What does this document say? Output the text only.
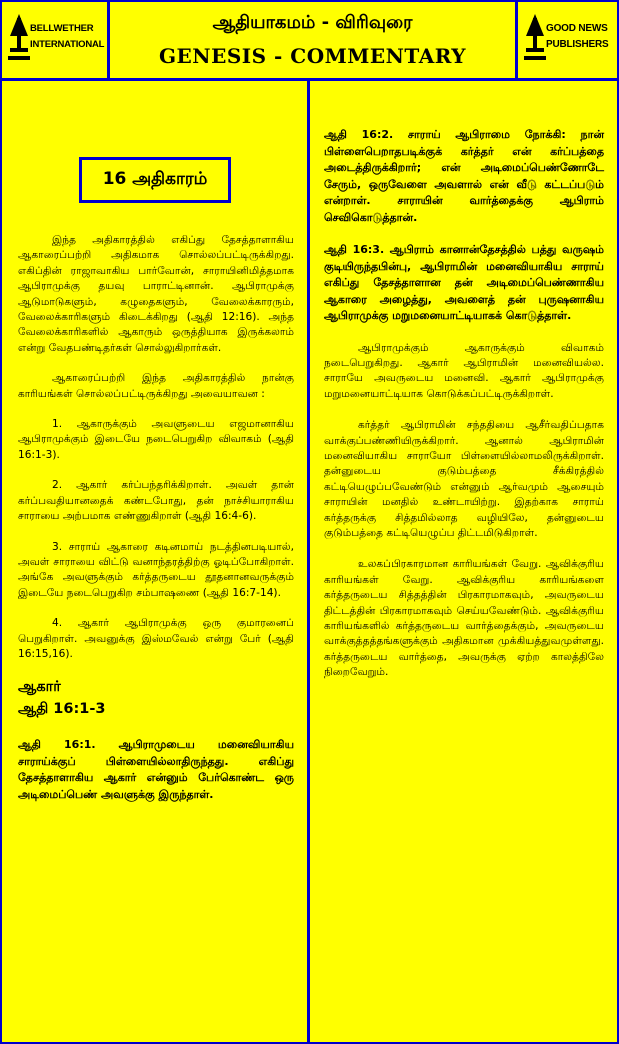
BELLWETHER
INTERNATIONAL
ஆதியாகமம் - விரிவுரை
GENESIS - COMMENTARY
GOOD NEWS
PUBLISHERS
16 அதிகாரம்

இந்த அதிகாரத்தில் எகிப்து தேசத்தாளாகிய ஆகாரைப்பற்றி அதிகமாக சொல்லப்பட்டிருக்கிறது. எகிப்தின் ராஜாவாகிய பார்வோன், சாராயினிமித்தமாக ஆபிராமுக்கு தயவு பாராட்டினான். ஆபிராமுக்கு ஆடுமாடுகளும், கழுதைகளும், வேலைக்காரரும், வேலைக்காரிகளும் கிடைக்கிறது (ஆதி 12:16). அந்த வேலைக்காரிகளில் ஆகாரும் ஒருத்தியாக இருக்கலாம் என்று வேதபண்டிதர்கள் சொல்லுகிறார்கள்.

ஆகாரைப்பற்றி இந்த அதிகாரத்தில் நான்கு காரியங்கள் சொல்லப்பட்டிருக்கிறது அவையாவன :

1. ஆகாருக்கும் அவளுடைய எஜமானாகிய ஆபிராமுக்கும் இடையே நடைபெறுகிற விவாகம் (ஆதி 16:1-3).

2. ஆகார் கர்ப்பந்தரிக்கிறாள். அவள் தான் கர்ப்பவதியானதைக் கண்டபோது, தன் நாச்சியாராகிய சாராயை அற்பமாக எண்ணுகிறாள் (ஆதி 16:4-6).

3. சாராய் ஆகாரை கடினமாய் நடத்தினபடியால், அவள் சாராயை விட்டு வனாந்தரத்திற்கு ஓடிப்போகிறாள். அங்கே அவளுக்கும் கர்த்தருடைய தூதனானவருக்கும் இடையே நடைபெறுகிற சம்பாஷணை (ஆதி 16:7-14).

4. ஆகார் ஆபிராமுக்கு ஒரு குமாரனைப் பெறுகிறாள். அவனுக்கு இஸ்மவேல் என்று பேர் (ஆதி 16:15,16).

ஆகார்
ஆதி 16:1-3
ஆதி 16:1. ஆபிராமுடைய மனைவியாகிய சாராய்க்குப் பிள்ளையில்லாதிருந்தது. எகிப்து தேசத்தாளாகிய ஆகார் என்னும் பேர்கொண்ட ஒரு அடிமைப்பெண் அவளுக்கு இருந்தாள்.
ஆதி 16:2. சாராய் ஆபிராமை நோக்கி: நான் பிள்ளைபெறாதபடிக்குக் கர்த்தர் என் கர்ப்பத்தை அடைத்திருக்கிறார்; என் அடிமைப்பெண்ணோடே சேரும், ஒருவேளை அவளால் என் வீடு கட்டப்படும் என்றாள். சாராயின் வார்த்தைக்கு ஆபிராம் செவிகொடுத்தான்.
ஆதி 16:3. ஆபிராம் கானான்தேசத்தில் பத்து வருஷம் குடியிருந்தபின்பு, ஆபிராமின் மனைவியாகிய சாராய் எகிப்து தேசத்தாளான தன் அடிமைப்பெண்ணாகிய ஆகாரை அழைத்து, அவளைத் தன் புருஷனாகிய ஆபிராமுக்கு மறுமனையாட்டியாகக் கொடுத்தாள்.

ஆபிராமுக்கும் ஆகாருக்கும் விவாகம் நடைபெறுகிறது. ஆகார் ஆபிராமின் மனைவியல்ல. சாராயே அவருடைய மனைவி. ஆகார் ஆபிராமுக்கு மறுமனையாட்டியாக கொடுக்கப்பட்டிருக்கிறாள்.

கர்த்தர் ஆபிராமின் சந்ததியை ஆசீர்வதிப்பதாக வாக்குப்பண்ணியிருக்கிறார். ஆனால் ஆபிராமின் மனைவியாகிய சாராயோ பிள்ளையில்லாமலிருக்கிறாள். தன்னுடைய குடும்பத்தை சீக்கிரத்தில் கட்டியெழுப்பவேண்டும் என்னும் ஆர்வமும் ஆசையும் சாராயின் மனதில் உண்டாயிற்று. இதற்காக சாராய் கர்த்தருக்கு சித்தமில்லாத வழியிலே, தன்னுடைய குடும்பத்தை கட்டியெழுப்ப திட்டமிடுகிறாள்.

உலகப்பிரகாரமான காரியங்கள் வேறு. ஆவிக்குரிய காரியங்கள் வேறு. ஆவிக்குரிய காரியங்களை கர்த்தருடைய சித்தத்தின் பிரகாரமாகவும், அவருடைய திட்டத்தின் பிரகாரமாகவும் செய்யவேண்டும். ஆவிக்குரிய காரியங்களில் கர்த்தருடைய வார்த்தைக்கும், அவருடைய வாக்குத்தத்தங்களுக்கும் அதிகமான முக்கியத்துவமுள்ளது. கர்த்தருடைய வார்த்தை, அவருக்கு ஏற்ற காலத்திலே நிறைவேறும்.
